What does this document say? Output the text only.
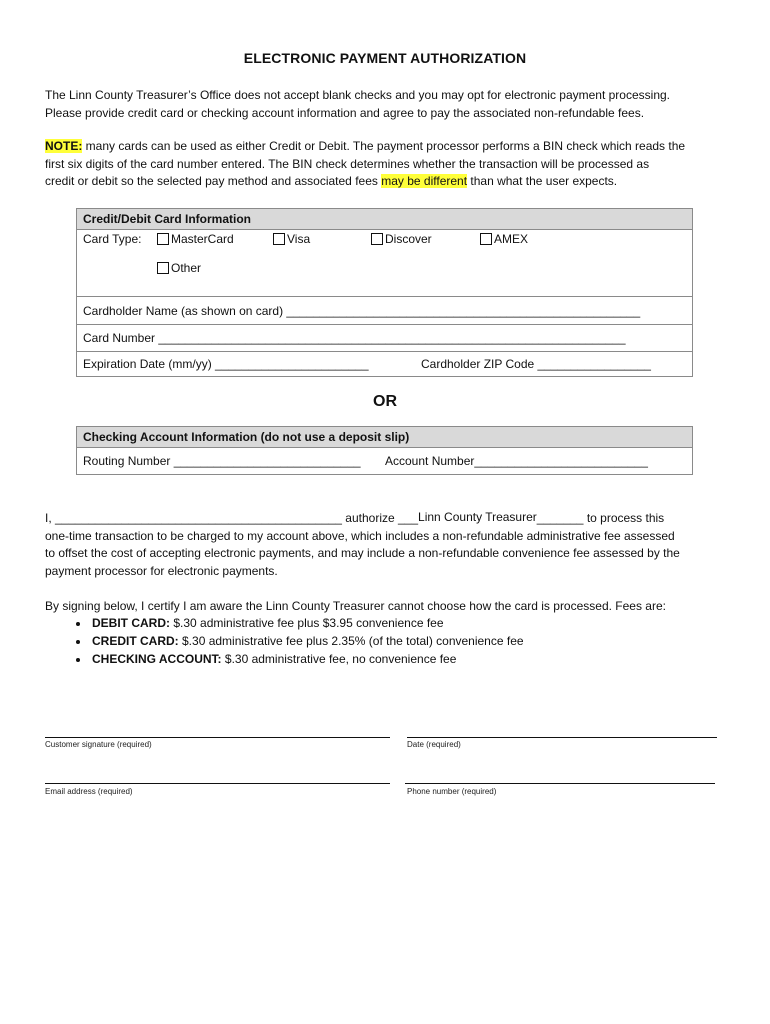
ELECTRONIC PAYMENT AUTHORIZATION
The Linn County Treasurer’s Office does not accept blank checks and you may opt for electronic payment processing.
Please provide credit card or checking account information and agree to pay the associated non-refundable fees.
NOTE: many cards can be used as either Credit or Debit. The payment processor performs a BIN check which reads the
first six digits of the card number entered. The BIN check determines whether the transaction will be processed as
credit or debit so the selected pay method and associated fees may be different than what the user expects.
Credit/Debit Card Information
Card Type:	MasterCard	Visa	Discover	AMEX
Other
Cardholder Name (as shown on card) _____________________________________________________
Card Number ______________________________________________________________________
Expiration Date (mm/yy) _______________________	Cardholder ZIP Code _________________
OR
Checking Account Information (do not use a deposit slip)
Routing Number ____________________________ Account Number__________________________
I, ___________________________________________ authorize ___ Linn County Treasurer _______ to process this
one-time transaction to be charged to my account above, which includes a non-refundable administrative fee assessed
to offset the cost of accepting electronic payments, and may include a non-refundable convenience fee assessed by the
payment processor for electronic payments.
By signing below, I certify I am aware the Linn County Treasurer cannot choose how the card is processed. Fees are:
• DEBIT CARD: $.30 administrative fee plus $3.95 convenience fee
• CREDIT CARD: $.30 administrative fee plus 2.35% (of the total) convenience fee
• CHECKING ACCOUNT: $.30 administrative fee, no convenience fee
Customer signature (required)	Date (required)
Email address (required)	Phone number (required)
